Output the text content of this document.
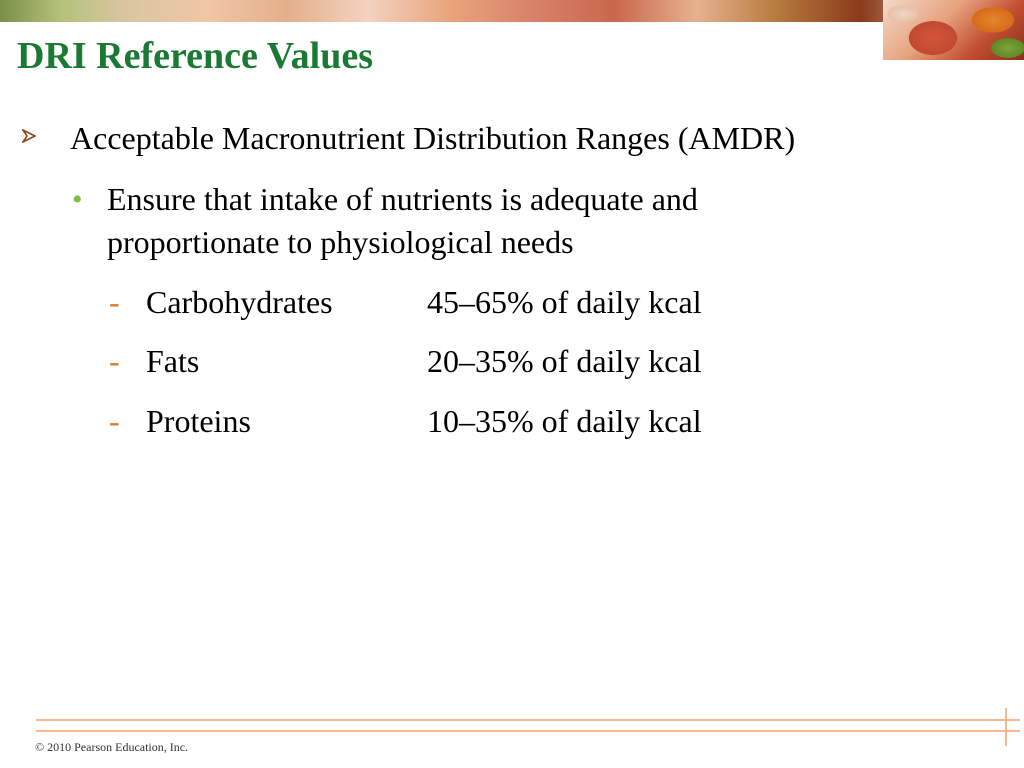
DRI Reference Values
Acceptable Macronutrient Distribution Ranges (AMDR)
• Ensure that intake of nutrients is adequate and proportionate to physiological needs
- Carbohydrates	45–65% of daily kcal
- Fats	20–35% of daily kcal
- Proteins	10–35% of daily kcal
© 2010 Pearson Education, Inc.
